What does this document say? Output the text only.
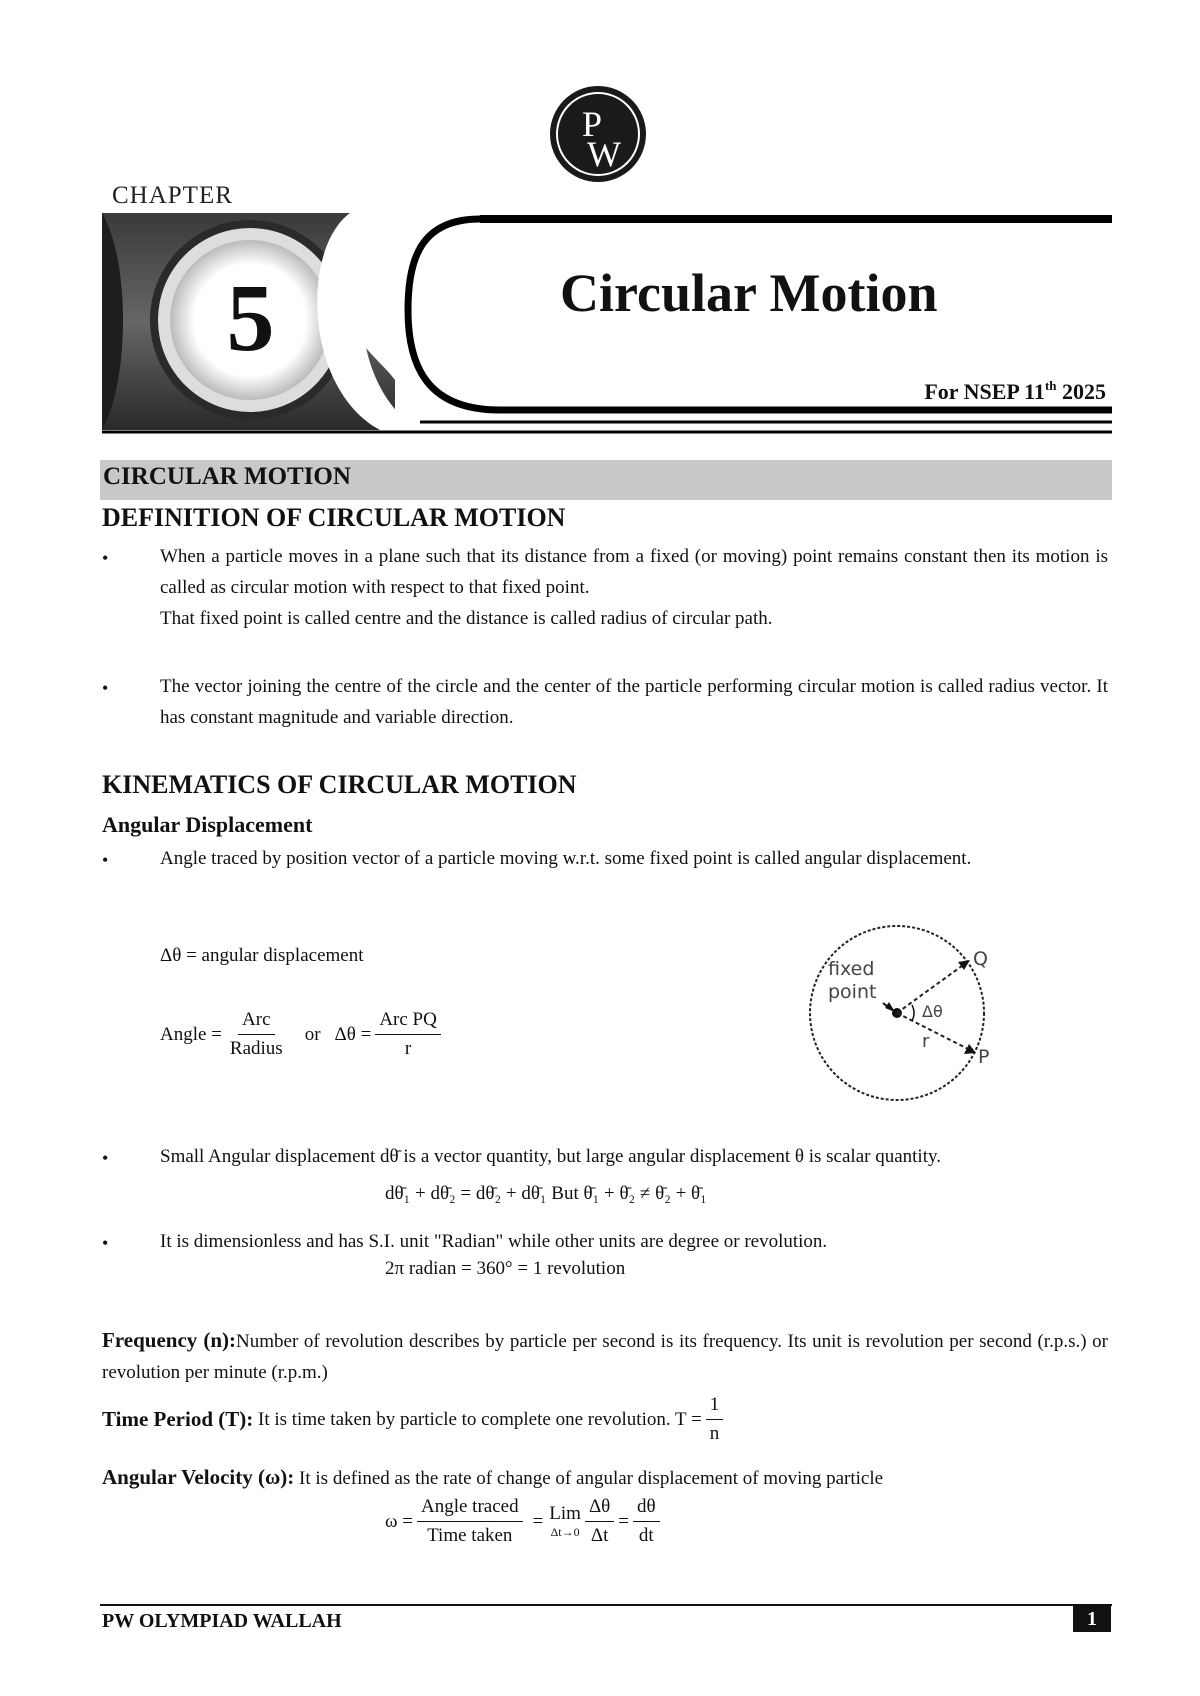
P
W
CHAPTER
5	Circular Motion
For NSEP 11th 2025
CIRCULAR MOTION
DEFINITION OF CIRCULAR MOTION
•	When a particle moves in a plane such that its distance from a fixed (or moving) point remains constant then its motion is called as circular motion with respect to that fixed point.
That fixed point is called centre and the distance is called radius of circular path.
•	The vector joining the centre of the circle and the center of the particle performing circular motion is called radius vector. It has constant magnitude and variable direction.
KINEMATICS OF CIRCULAR MOTION
Angular Displacement
•	Angle traced by position vector of a particle moving w.r.t. some fixed point is called angular displacement.
Δθ = angular displacement
Angle = $\frac{\text{Arc}}{\text{Radius}}$ or $\Delta\theta = \frac{\text{Arc PQ}}{r}$
fixed
point
Δθ
r
Q
P
•	Small Angular displacement dθ̄ is a vector quantity, but large angular displacement θ is scalar quantity.
dθ̄₁ + dθ̄₂ = dθ̄₂ + dθ̄₁ But θ̄₁ + θ̄₂ ≠ θ̄₂ + θ̄₁
•	It is dimensionless and has S.I. unit "Radian" while other units are degree or revolution.
2π radian = 360° = 1 revolution
Frequency (n):Number of revolution describes by particle per second is its frequency. Its unit is revolution per second (r.p.s.) or revolution per minute (r.p.m.)
Time Period (T): It is time taken by particle to complete one revolution. $T = \frac{1}{n}$
Angular Velocity (ω): It is defined as the rate of change of angular displacement of moving particle
$\omega = \frac{\text{Angle traced}}{\text{Time taken}}$ = Lim
$\Delta t\to 0 \frac{\Delta\theta}{\Delta t} = \frac{d\theta}{dt}$
PW OLYMPIAD WALLAH	1
